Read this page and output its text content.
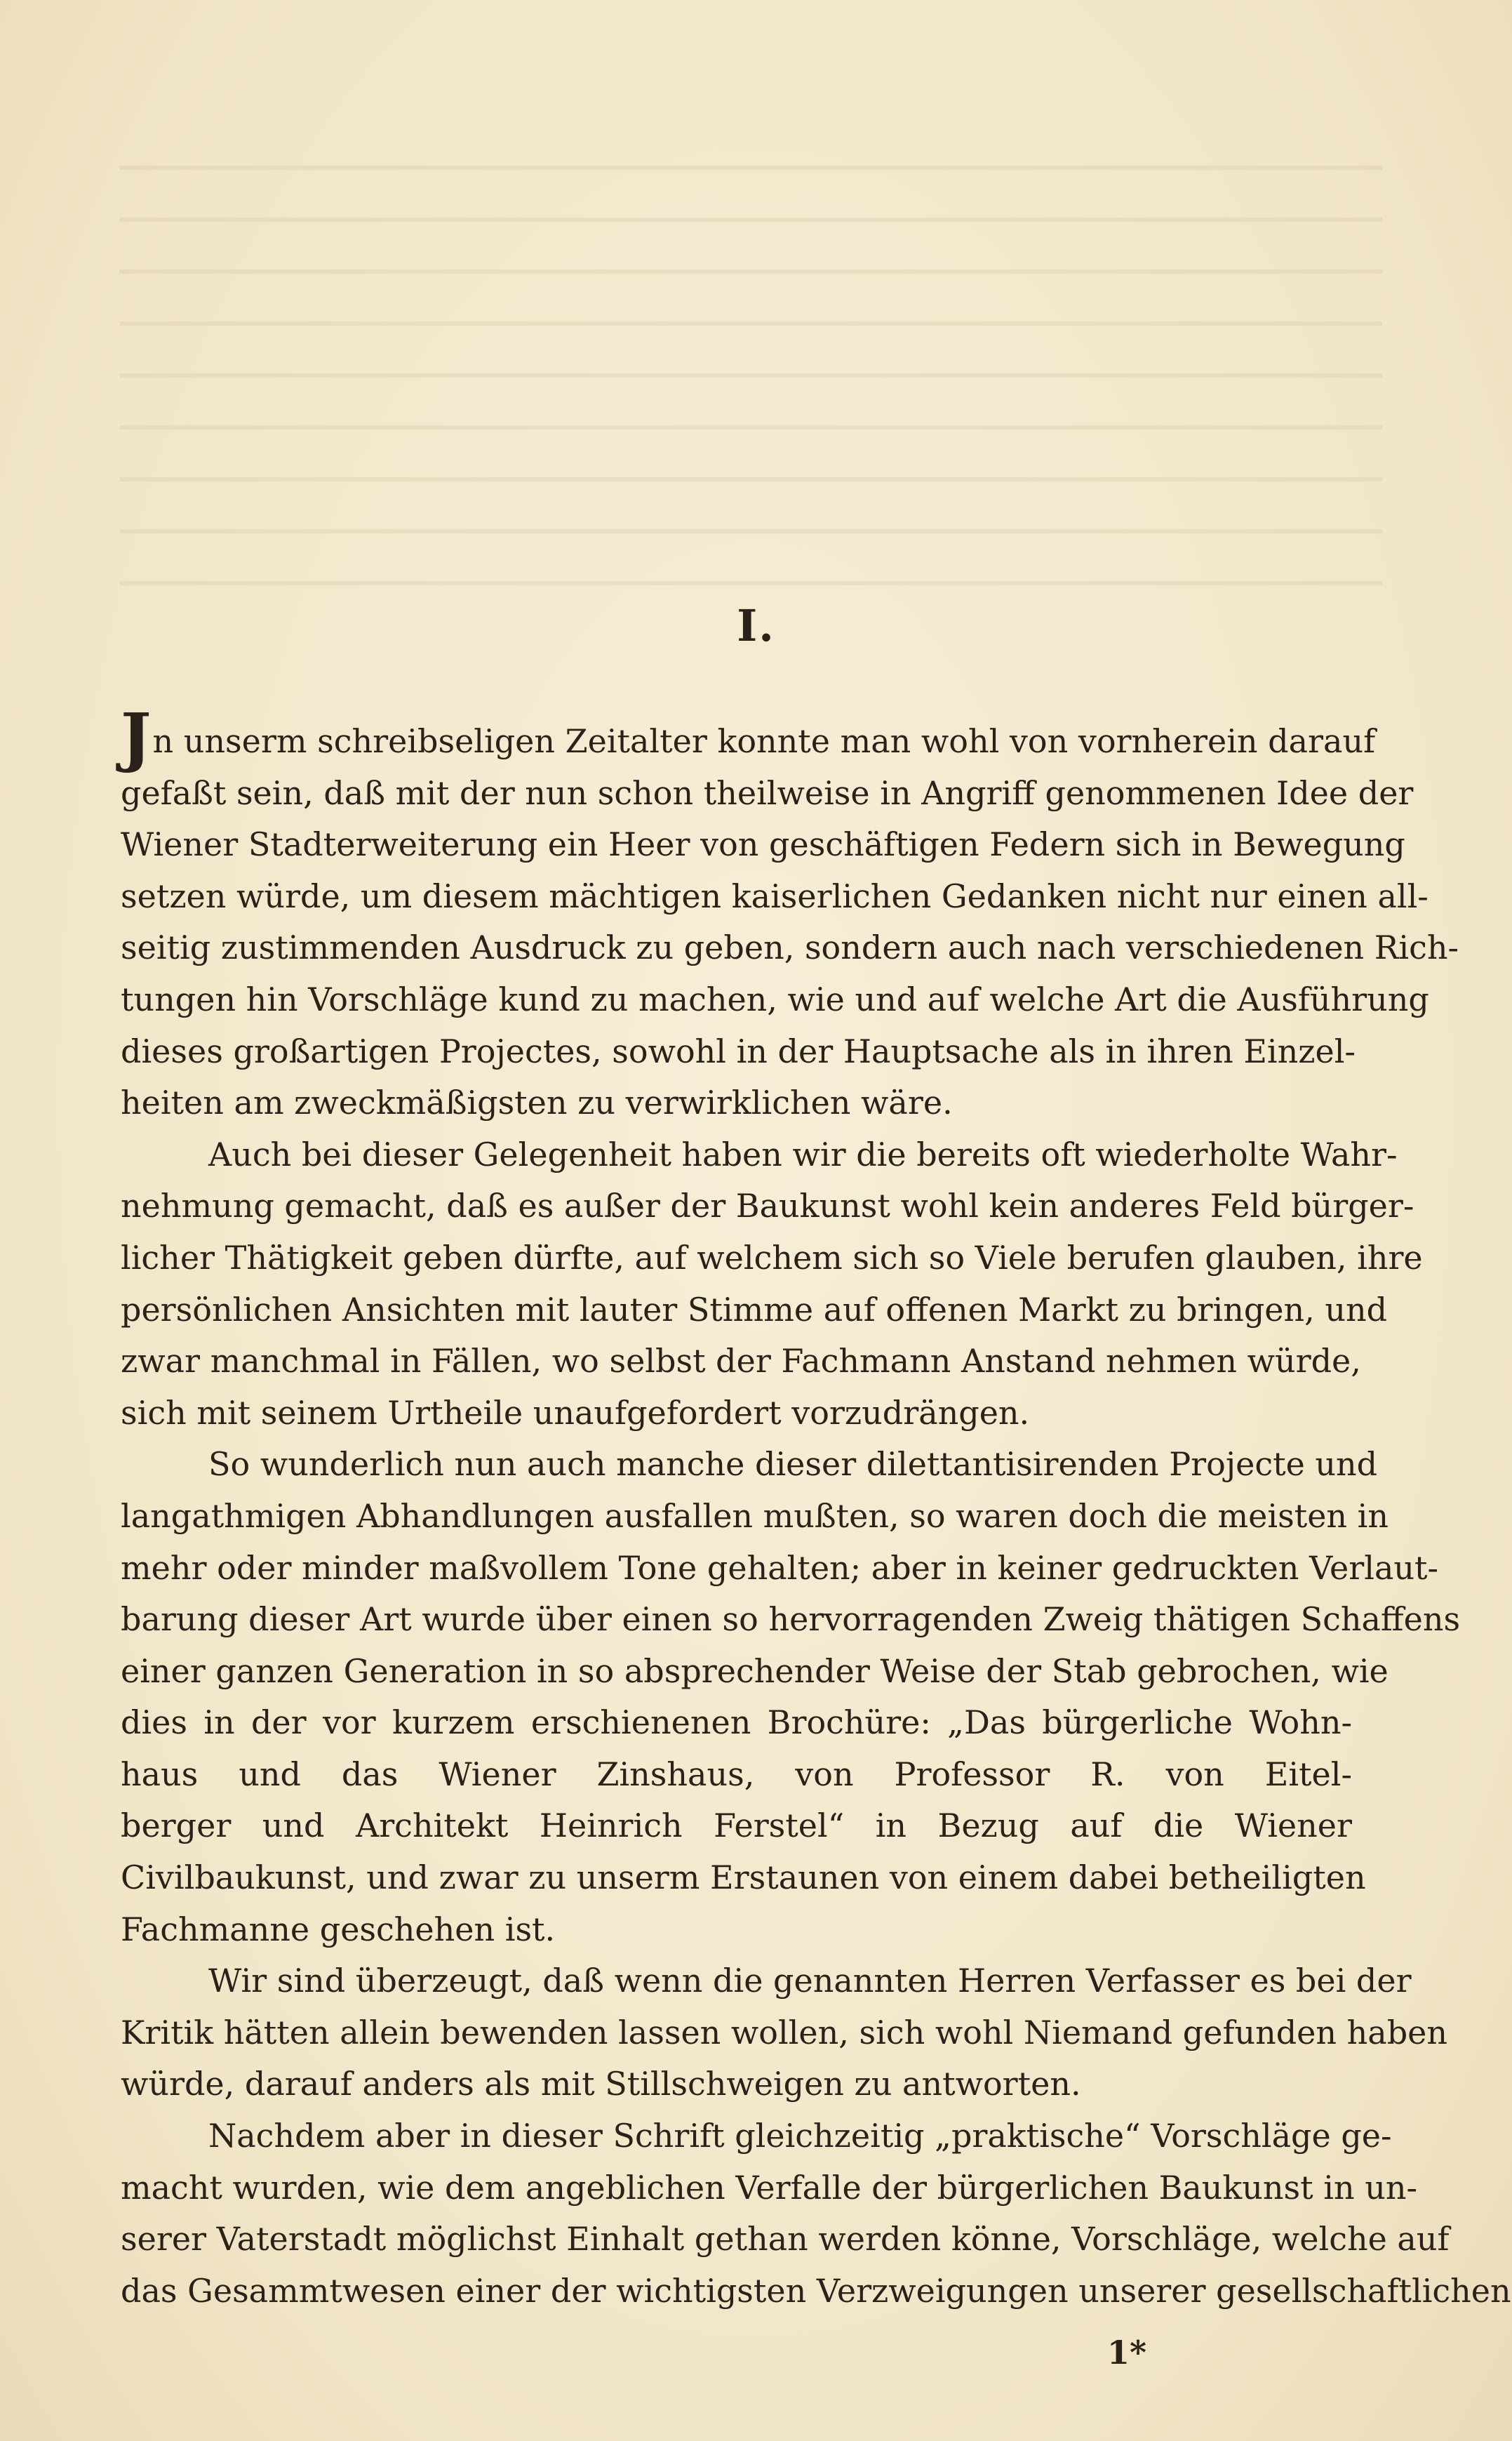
I.
Jn unserm schreibseligen Zeitalter konnte man wohl von vornherein darauf
gefaßt sein, daß mit der nun schon theilweise in Angriff genommenen Idee der
Wiener Stadterweiterung ein Heer von geschäftigen Federn sich in Bewegung
setzen würde, um diesem mächtigen kaiserlichen Gedanken nicht nur einen all-
seitig zustimmenden Ausdruck zu geben, sondern auch nach verschiedenen Rich-
tungen hin Vorschläge kund zu machen, wie und auf welche Art die Ausführung
dieses großartigen Projectes, sowohl in der Hauptsache als in ihren Einzel-
heiten am zweckmäßigsten zu verwirklichen wäre.
Auch bei dieser Gelegenheit haben wir die bereits oft wiederholte Wahr-
nehmung gemacht, daß es außer der Baukunst wohl kein anderes Feld bürger-
licher Thätigkeit geben dürfte, auf welchem sich so Viele berufen glauben, ihre
persönlichen Ansichten mit lauter Stimme auf offenen Markt zu bringen, und
zwar manchmal in Fällen, wo selbst der Fachmann Anstand nehmen würde,
sich mit seinem Urtheile unaufgefordert vorzudrängen.
So wunderlich nun auch manche dieser dilettantisirenden Projecte und
langathmigen Abhandlungen ausfallen mußten, so waren doch die meisten in
mehr oder minder maßvollem Tone gehalten; aber in keiner gedruckten Verlaut-
barung dieser Art wurde über einen so hervorragenden Zweig thätigen Schaffens
einer ganzen Generation in so absprechender Weise der Stab gebrochen, wie
dies in der vor kurzem erschienenen Brochüre: „Das bürgerliche Wohn-
haus und das Wiener Zinshaus, von Professor R. von Eitel-
berger und Architekt Heinrich Ferstel“ in Bezug auf die Wiener
Civilbaukunst, und zwar zu unserm Erstaunen von einem dabei betheiligten
Fachmanne geschehen ist.
Wir sind überzeugt, daß wenn die genannten Herren Verfasser es bei der
Kritik hätten allein bewenden lassen wollen, sich wohl Niemand gefunden haben
würde, darauf anders als mit Stillschweigen zu antworten.
Nachdem aber in dieser Schrift gleichzeitig „praktische“ Vorschläge ge-
macht wurden, wie dem angeblichen Verfalle der bürgerlichen Baukunst in un-
serer Vaterstadt möglichst Einhalt gethan werden könne, Vorschläge, welche auf
das Gesammtwesen einer der wichtigsten Verzweigungen unserer gesellschaftlichen
1*
